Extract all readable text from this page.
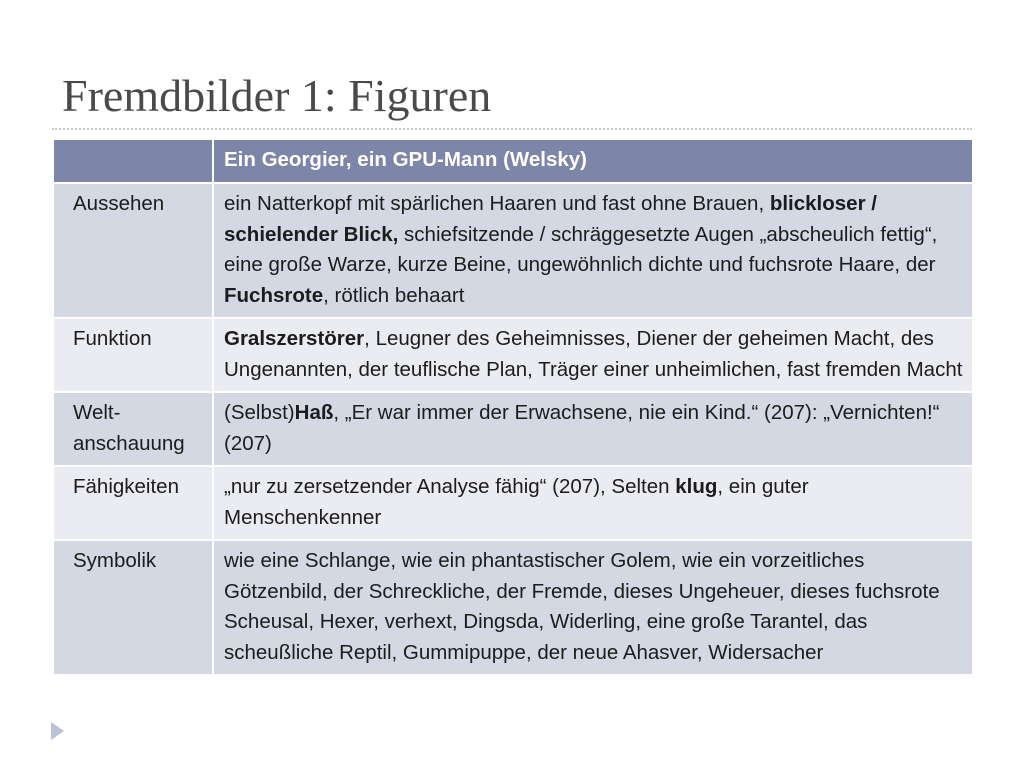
Fremdbilder 1: Figuren
	Ein Georgier, ein GPU-Mann (Welsky)
Aussehen	ein Natterkopf mit spärlichen Haaren und fast ohne Brauen, blickloser / schielender Blick, schiefsitzende / schräggesetzte Augen „abscheulich fettig“, eine große Warze, kurze Beine, ungewöhnlich dichte und fuchsrote Haare, der Fuchsrote, rötlich behaart
Funktion	Gralszerstörer, Leugner des Geheimnisses, Diener der geheimen Macht, des Ungenannten, der teuflische Plan, Träger einer unheimlichen, fast fremden Macht
Welt-anschauung	(Selbst)Haß, „Er war immer der Erwachsene, nie ein Kind.“ (207): „Vernichten!“ (207)
Fähigkeiten	„nur zu zersetzender Analyse fähig“ (207), Selten klug, ein guter Menschenkenner
Symbolik	wie eine Schlange, wie ein phantastischer Golem, wie ein vorzeitliches Götzenbild, der Schreckliche, der Fremde, dieses Ungeheuer, dieses fuchsrote Scheusal, Hexer, verhext, Dingsda, Widerling, eine große Tarantel, das scheußliche Reptil, Gummipuppe, der neue Ahasver, Widersacher
